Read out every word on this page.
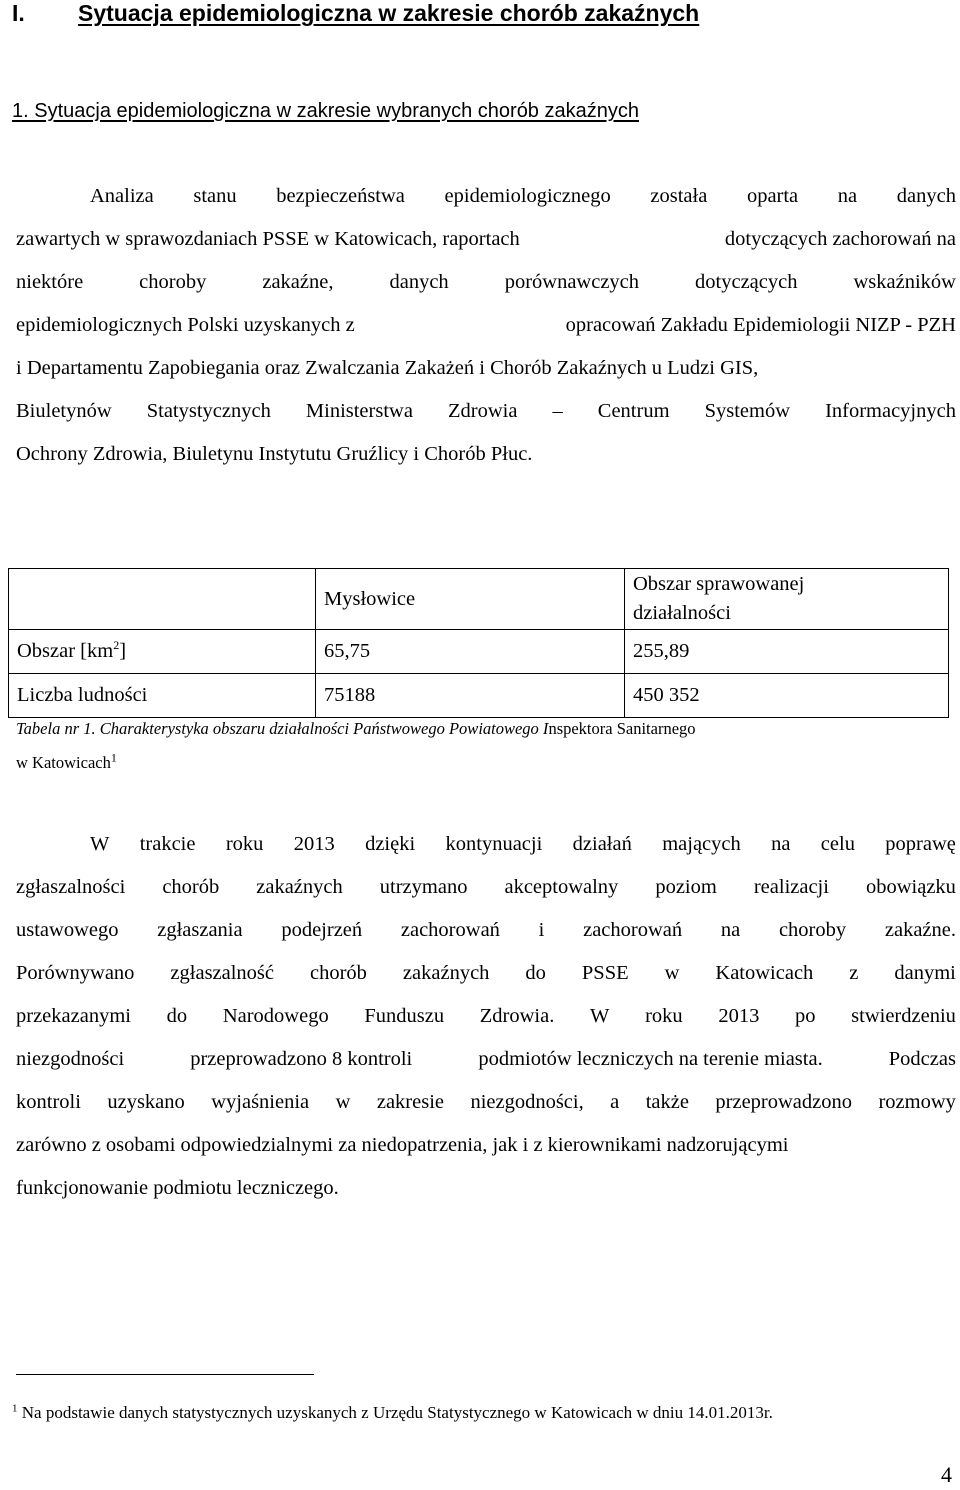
I. Sytuacja epidemiologiczna w zakresie chorób zakaźnych
1. Sytuacja epidemiologiczna w zakresie wybranych chorób zakaźnych
Analiza stanu bezpieczeństwa epidemiologicznego została oparta na danych
zawartych w sprawozdaniach PSSE w Katowicach, raportach	dotyczących zachorowań na
niektóre	choroby	zakaźne,	danych	porównawczych	dotyczących	wskaźników
epidemiologicznych Polski uzyskanych z	opracowań Zakładu Epidemiologii NIZP - PZH
i Departamentu Zapobiegania oraz Zwalczania Zakażeń i Chorób Zakaźnych u Ludzi GIS,
Biuletynów Statystycznych Ministerstwa Zdrowia – Centrum Systemów Informacyjnych
Ochrony Zdrowia, Biuletynu Instytutu Gruźlicy i Chorób Płuc.
	Mysłowice	Obszar sprawowanej
działalności

Obszar $[km^2]$	65,75	255,89
Liczba ludności	75188	450 352
Tabela nr 1. Charakterystyka obszaru działalności Państwowego Powiatowego Inspektora Sanitarnego
w Katowicach$^1$
W trakcie roku 2013 dzięki kontynuacji działań mających na celu poprawę
zgłaszalności chorób zakaźnych utrzymano akceptowalny poziom realizacji obowiązku
ustawowego zgłaszania podejrzeń zachorowań i zachorowań na choroby zakaźne.
Porównywano zgłaszalność chorób zakaźnych do PSSE w Katowicach z danymi
przekazanymi do Narodowego Funduszu Zdrowia. W roku 2013 po stwierdzeniu
niezgodności	przeprowadzono 8 kontroli	podmiotów leczniczych na terenie miasta.	Podczas
kontroli uzyskano wyjaśnienia w zakresie niezgodności, a także przeprowadzono rozmowy
zarówno z osobami odpowiedzialnymi za niedopatrzenia, jak i z kierownikami nadzorującymi
funkcjonowanie podmiotu leczniczego.
$^1$ Na podstawie danych statystycznych uzyskanych z Urzędu Statystycznego w Katowicach w dniu 14.01.2013r.
4
